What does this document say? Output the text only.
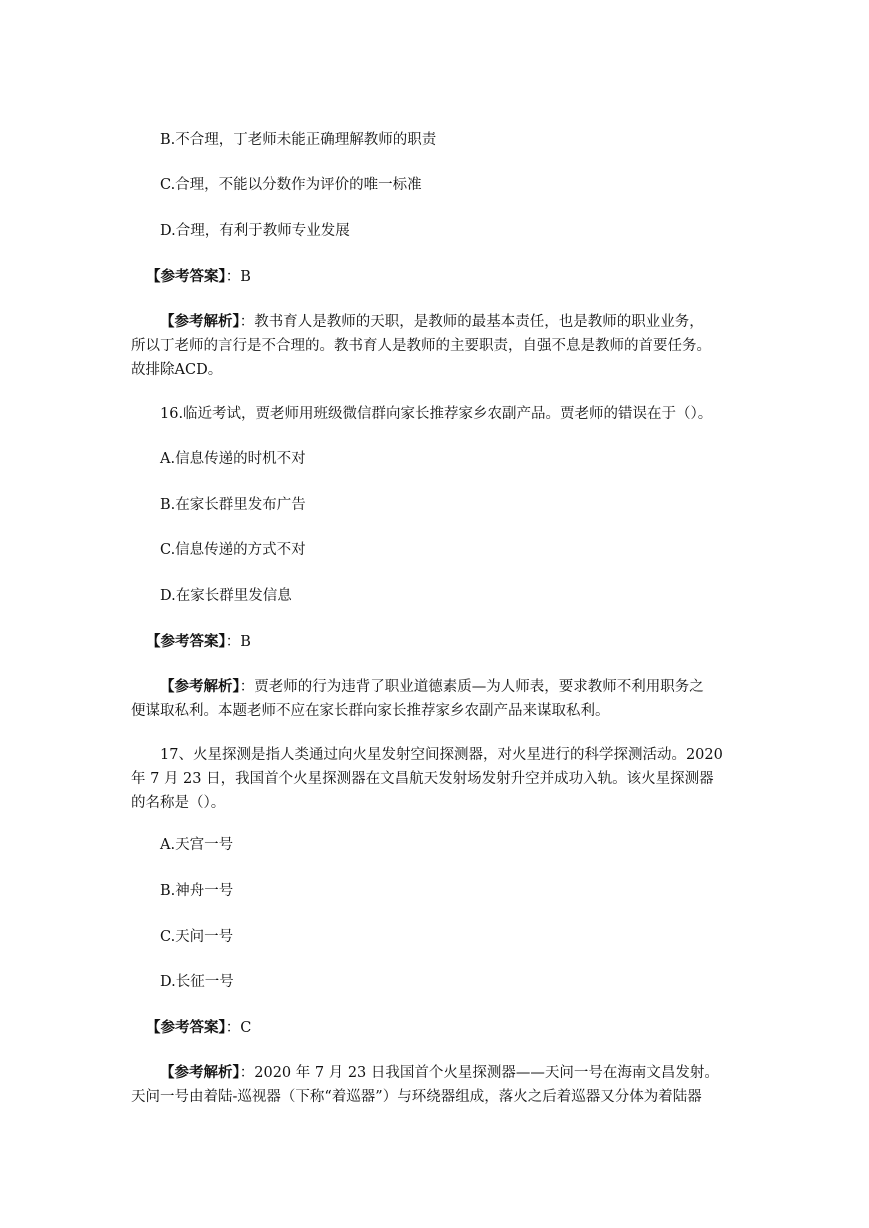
B.不合理，丁老师未能正确理解教师的职责

C.合理，不能以分数作为评价的唯一标准

D.合理，有利于教师专业发展

【参考答案】：B

【参考解析】：教书育人是教师的天职，是教师的最基本责任，也是教师的职业业务，
所以丁老师的言行是不合理的。教书育人是教师的主要职责，自强不息是教师的首要任务。
故排除ACD。

16.临近考试，贾老师用班级微信群向家长推荐家乡农副产品。贾老师的错误在于（）。

A.信息传递的时机不对

B.在家长群里发布广告

C.信息传递的方式不对

D.在家长群里发信息

【参考答案】：B

【参考解析】：贾老师的行为违背了职业道德素质—为人师表，要求教师不利用职务之
便谋取私利。本题老师不应在家长群向家长推荐家乡农副产品来谋取私利。
17、火星探测是指人类通过向火星发射空间探测器，对火星进行的科学探测活动。2020
年 7 月 23 日，我国首个火星探测器在文昌航天发射场发射升空并成功入轨。该火星探测器
的名称是（）。

A.天宫一号

B.神舟一号

C.天问一号

D.长征一号

【参考答案】：C

【参考解析】：2020 年 7 月 23 日我国首个火星探测器——天问一号在海南文昌发射。
天问一号由着陆-巡视器（下称“着巡器”）与环绕器组成，落火之后着巡器又分体为着陆器
